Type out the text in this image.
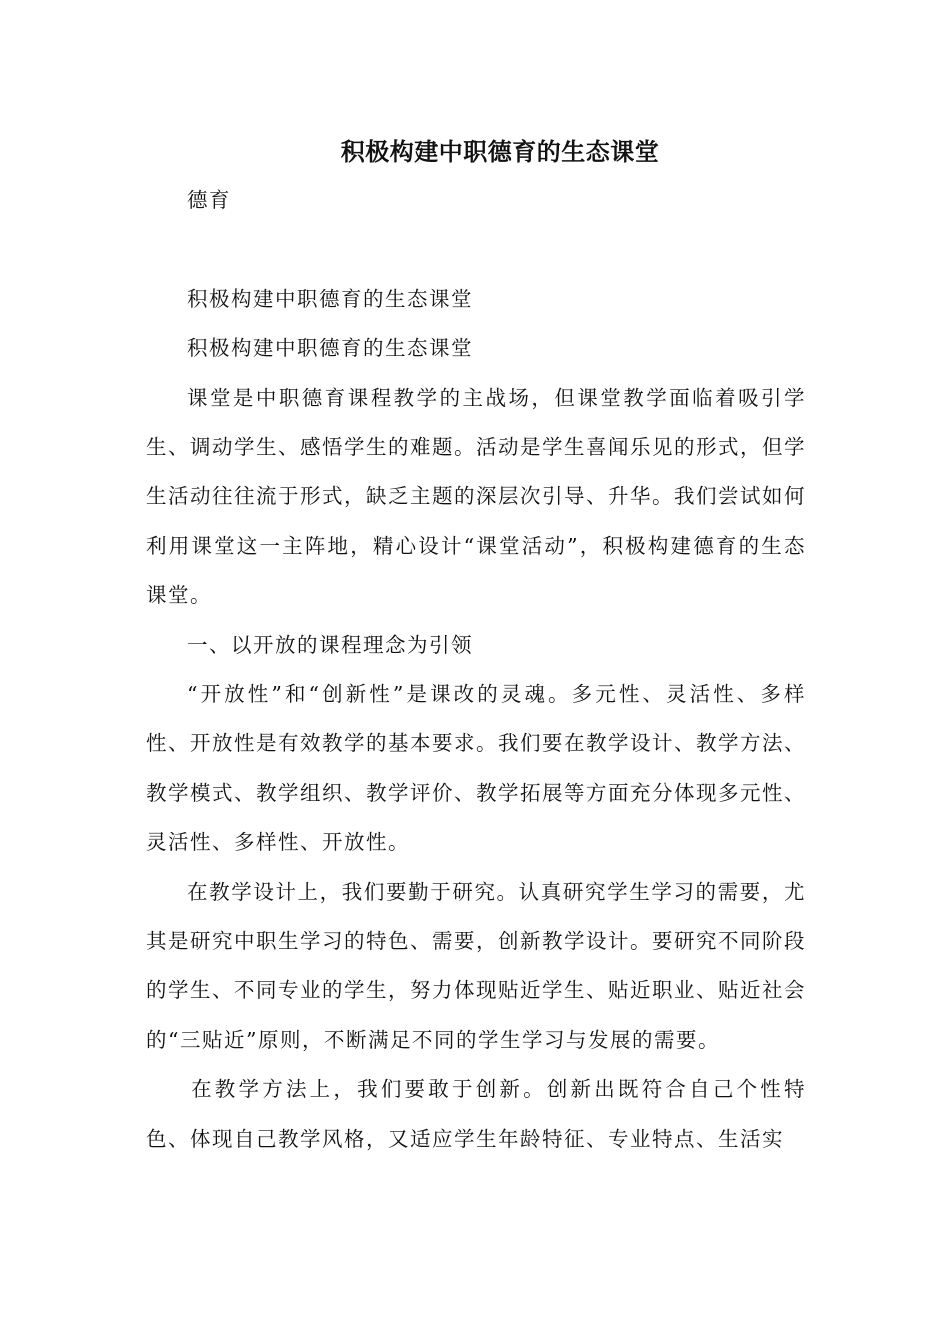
积极构建中职德育的生态课堂

德育

积极构建中职德育的生态课堂

积极构建中职德育的生态课堂

课堂是中职德育课程教学的主战场，但课堂教学面临着吸引学生、调动学生、感悟学生的难题。活动是学生喜闻乐见的形式，但学生活动往往流于形式，缺乏主题的深层次引导、升华。我们尝试如何利用课堂这一主阵地，精心设计“课堂活动”，积极构建德育的生态课堂。

一、以开放的课程理念为引领

“开放性”和“创新性”是课改的灵魂。多元性、灵活性、多样性、开放性是有效教学的基本要求。我们要在教学设计、教学方法、教学模式、教学组织、教学评价、教学拓展等方面充分体现多元性、灵活性、多样性、开放性。

在教学设计上，我们要勤于研究。认真研究学生学习的需要，尤其是研究中职生学习的特色、需要，创新教学设计。要研究不同阶段的学生、不同专业的学生，努力体现贴近学生、贴近职业、贴近社会的“三贴近”原则，不断满足不同的学生学习与发展的需要。

在教学方法上，我们要敢于创新。创新出既符合自己个性特色、体现自己教学风格，又适应学生年龄特征、专业特点、生活实
